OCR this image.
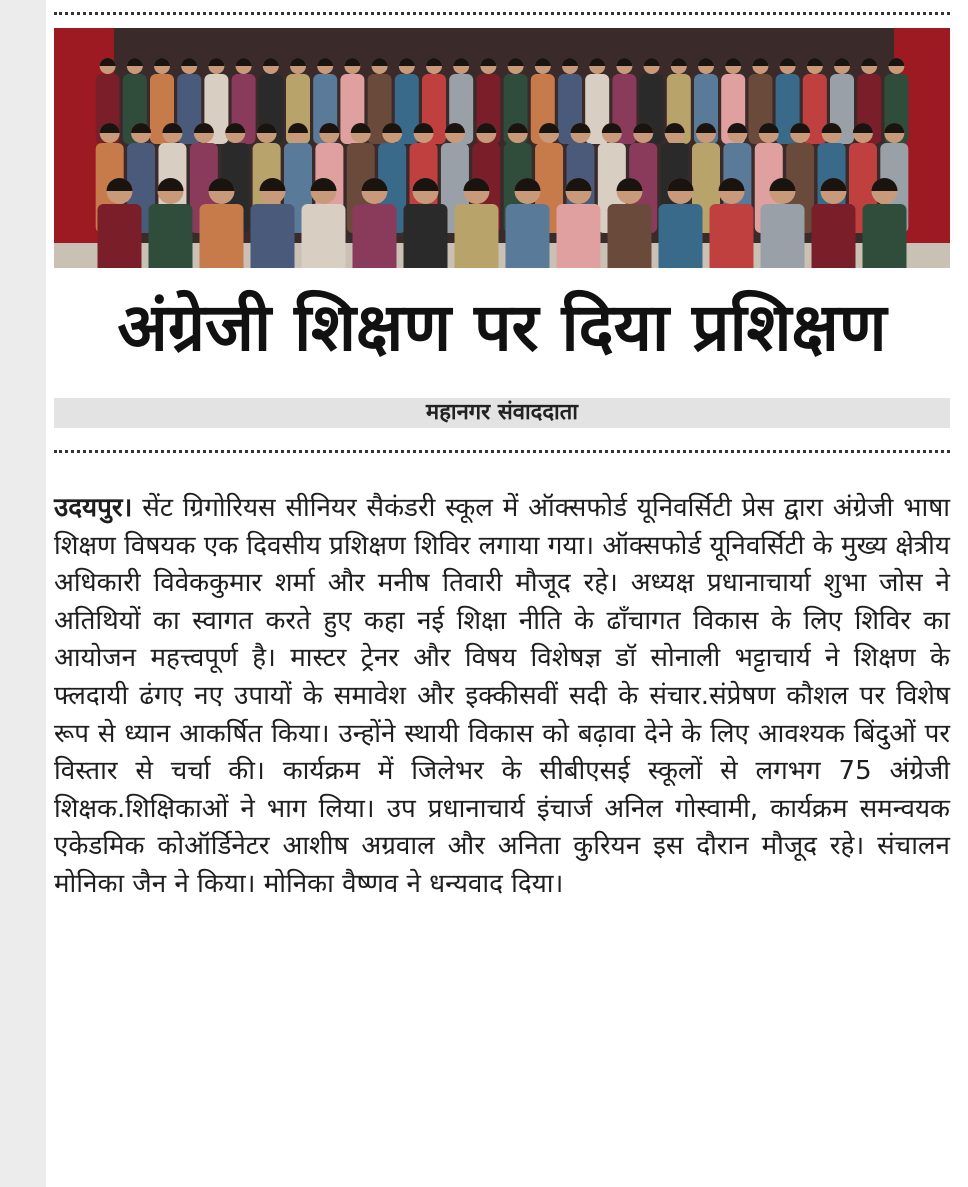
अंग्रेजी शिक्षण पर दिया प्रशिक्षण
महानगर संवाददाता
उदयपुर। सेंट ग्रिगोरियस सीनियर सैकंडरी स्कूल में ऑक्सफोर्ड यूनिवर्सिटी प्रेस द्वारा अंग्रेजी भाषा शिक्षण विषयक एक दिवसीय प्रशिक्षण शिविर लगाया गया। ऑक्सफोर्ड यूनिवर्सिटी के मुख्य क्षेत्रीय अधिकारी विवेककुमार शर्मा और मनीष तिवारी मौजूद रहे। अध्यक्ष प्रधानाचार्या शुभा जोस ने अतिथियों का स्वागत करते हुए कहा नई शिक्षा नीति के ढाँचागत विकास के लिए शिविर का आयोजन महत्त्वपूर्ण है। मास्टर ट्रेनर और विषय विशेषज्ञ डॉ सोनाली भट्टाचार्य ने शिक्षण के फ्लदायी ढंगए नए उपायों के समावेश और इक्कीसवीं सदी के संचार.संप्रेषण कौशल पर विशेष रूप से ध्यान आकर्षित किया। उन्होंने स्थायी विकास को बढ़ावा देने के लिए आवश्यक बिंदुओं पर विस्तार से चर्चा की। कार्यक्रम में जिलेभर के सीबीएसई स्कूलों से लगभग 75 अंग्रेजी शिक्षक.शिक्षिकाओं ने भाग लिया। उप प्रधानाचार्य इंचार्ज अनिल गोस्वामी, कार्यक्रम समन्वयक एकेडमिक कोऑर्डिनेटर आशीष अग्रवाल और अनिता कुरियन इस दौरान मौजूद रहे। संचालन मोनिका जैन ने किया। मोनिका वैष्णव ने धन्यवाद दिया।
